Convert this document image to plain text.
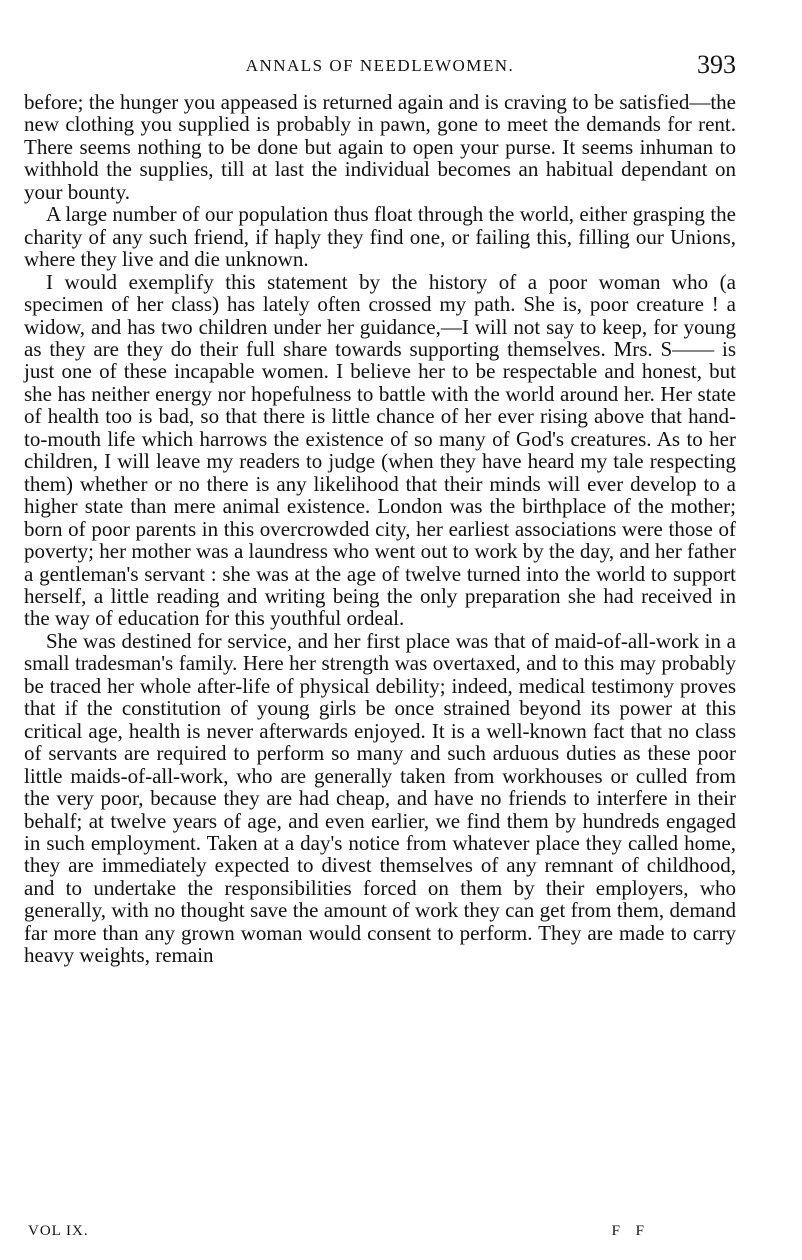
ANNALS OF NEEDLEWOMEN.	393

before; the hunger you appeased is returned again and is craving to be satisfied—the new clothing you supplied is probably in pawn, gone to meet the demands for rent. There seems nothing to be done but again to open your purse. It seems inhuman to withhold the supplies, till at last the individual becomes an habitual dependant on your bounty.

A large number of our population thus float through the world, either grasping the charity of any such friend, if haply they find one, or failing this, filling our Unions, where they live and die unknown.

I would exemplify this statement by the history of a poor woman who (a specimen of her class) has lately often crossed my path. She is, poor creature ! a widow, and has two children under her guidance,—I will not say to keep, for young as they are they do their full share towards supporting themselves. Mrs. S—— is just one of these incapable women. I believe her to be respectable and honest, but she has neither energy nor hopefulness to battle with the world around her. Her state of health too is bad, so that there is little chance of her ever rising above that hand-to-mouth life which harrows the existence of so many of God's creatures. As to her children, I will leave my readers to judge (when they have heard my tale respecting them) whether or no there is any likelihood that their minds will ever develop to a higher state than mere animal existence. London was the birthplace of the mother; born of poor parents in this overcrowded city, her earliest associations were those of poverty; her mother was a laundress who went out to work by the day, and her father a gentleman's servant : she was at the age of twelve turned into the world to support herself, a little reading and writing being the only preparation she had received in the way of education for this youthful ordeal.

She was destined for service, and her first place was that of maid-of-all-work in a small tradesman's family. Here her strength was overtaxed, and to this may probably be traced her whole after-life of physical debility; indeed, medical testimony proves that if the constitution of young girls be once strained beyond its power at this critical age, health is never afterwards enjoyed. It is a well-known fact that no class of servants are required to perform so many and such arduous duties as these poor little maids-of-all-work, who are generally taken from workhouses or culled from the very poor, because they are had cheap, and have no friends to interfere in their behalf; at twelve years of age, and even earlier, we find them by hundreds engaged in such employment. Taken at a day's notice from whatever place they called home, they are immediately expected to divest themselves of any remnant of childhood, and to undertake the responsibilities forced on them by their employers, who generally, with no thought save the amount of work they can get from them, demand far more than any grown woman would consent to perform. They are made to carry heavy weights, remain

VOL IX.	F F
